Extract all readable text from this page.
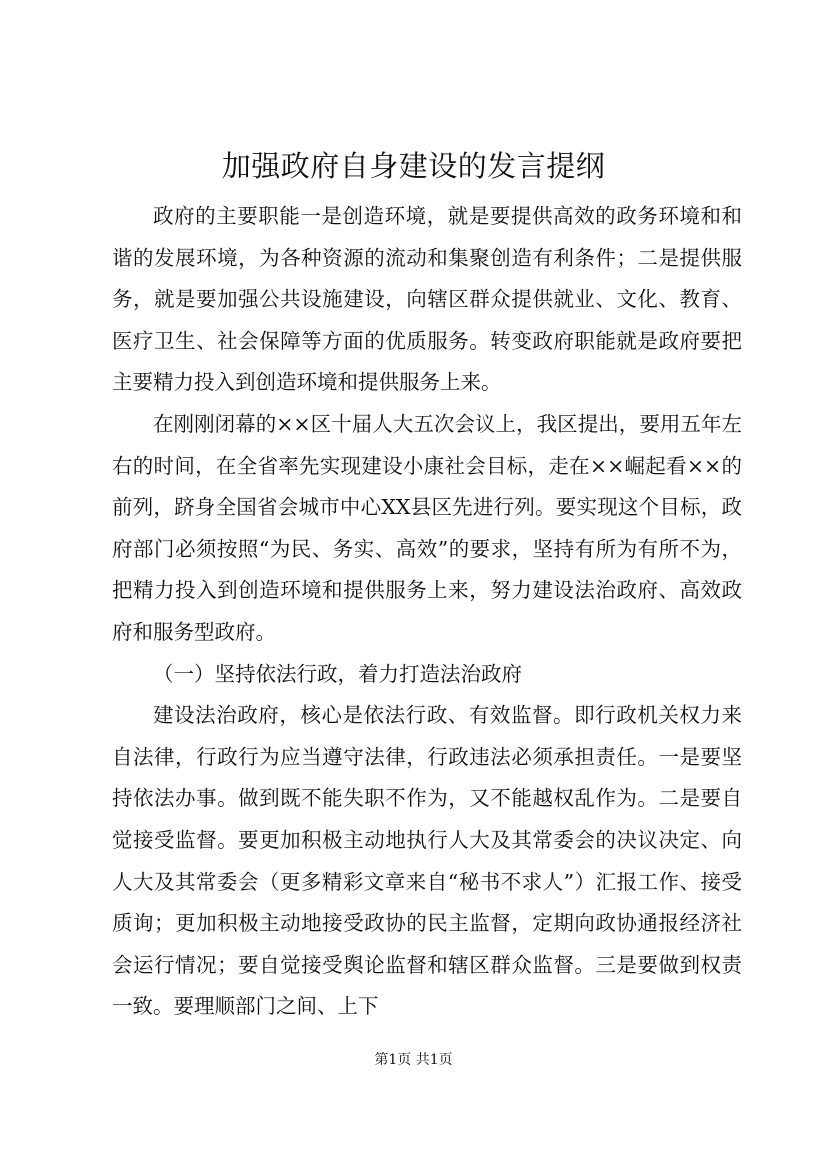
加强政府自身建设的发言提纲

政府的主要职能一是创造环境，就是要提供高效的政务环境和和谐的发展环境，为各种资源的流动和集聚创造有利条件；二是提供服务，就是要加强公共设施建设，向辖区群众提供就业、文化、教育、医疗卫生、社会保障等方面的优质服务。转变政府职能就是政府要把主要精力投入到创造环境和提供服务上来。

在刚刚闭幕的××区十届人大五次会议上，我区提出，要用五年左右的时间，在全省率先实现建设小康社会目标，走在××崛起看××的前列，跻身全国省会城市中心XX县区先进行列。要实现这个目标，政府部门必须按照“为民、务实、高效”的要求，坚持有所为有所不为，把精力投入到创造环境和提供服务上来，努力建设法治政府、高效政府和服务型政府。

（一）坚持依法行政，着力打造法治政府

建设法治政府，核心是依法行政、有效监督。即行政机关权力来自法律，行政行为应当遵守法律，行政违法必须承担责任。一是要坚持依法办事。做到既不能失职不作为，又不能越权乱作为。二是要自觉接受监督。要更加积极主动地执行人大及其常委会的决议决定、向人大及其常委会（更多精彩文章来自“秘书不求人”）汇报工作、接受质询；更加积极主动地接受政协的民主监督，定期向政协通报经济社会运行情况；要自觉接受舆论监督和辖区群众监督。三是要做到权责一致。要理顺部门之间、上下

第1页 共1页
